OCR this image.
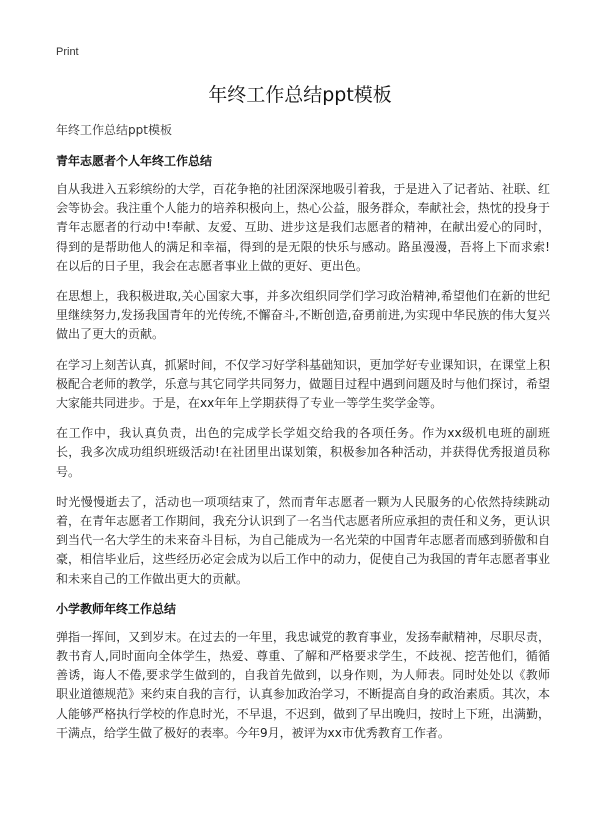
Print
年终工作总结ppt模板
年终工作总结ppt模板
青年志愿者个人年终工作总结

自从我进入五彩缤纷的大学，百花争艳的社团深深地吸引着我，于是进入了记者站、社联、红会等协会。我注重个人能力的培养积极向上，热心公益，服务群众，奉献社会，热忱的投身于青年志愿者的行动中!奉献、友爱、互助、进步这是我们志愿者的精神，在献出爱心的同时，得到的是帮助他人的满足和幸福，得到的是无限的快乐与感动。路虽漫漫，吾将上下而求索!在以后的日子里，我会在志愿者事业上做的更好、更出色。

在思想上，我积极进取,关心国家大事，并多次组织同学们学习政治精神,希望他们在新的世纪里继续努力,发扬我国青年的光传统,不懈奋斗,不断创造,奋勇前进,为实现中华民族的伟大复兴做出了更大的贡献。

在学习上刻苦认真，抓紧时间，不仅学习好学科基础知识，更加学好专业课知识，在课堂上积极配合老师的教学，乐意与其它同学共同努力，做题目过程中遇到问题及时与他们探讨，希望大家能共同进步。于是，在xx年年上学期获得了专业一等学生奖学金等。

在工作中，我认真负责，出色的完成学长学姐交给我的各项任务。作为xx级机电班的副班长，我多次成功组织班级活动!在社团里出谋划策，积极参加各种活动，并获得优秀报道员称号。

时光慢慢逝去了，活动也一项项结束了，然而青年志愿者一颗为人民服务的心依然持续跳动着，在青年志愿者工作期间，我充分认识到了一名当代志愿者所应承担的责任和义务，更认识到当代一名大学生的未来奋斗目标，为自己能成为一名光荣的中国青年志愿者而感到骄傲和自豪，相信毕业后，这些经历必定会成为以后工作中的动力，促使自己为我国的青年志愿者事业和未来自己的工作做出更大的贡献。

小学教师年终工作总结

弹指一挥间，又到岁末。在过去的一年里，我忠诚党的教育事业，发扬奉献精神，尽职尽责，教书育人,同时面向全体学生，热爱、尊重、了解和严格要求学生，不歧视、挖苦他们，循循善诱，诲人不倦,要求学生做到的，自我首先做到，以身作则，为人师表。同时处处以《教师职业道德规范》来约束自我的言行，认真参加政治学习，不断提高自身的政治素质。其次，本人能够严格执行学校的作息时光，不早退，不迟到，做到了早出晚归，按时上下班，出满勤，干满点，给学生做了极好的表率。今年9月，被评为xx市优秀教育工作者。
